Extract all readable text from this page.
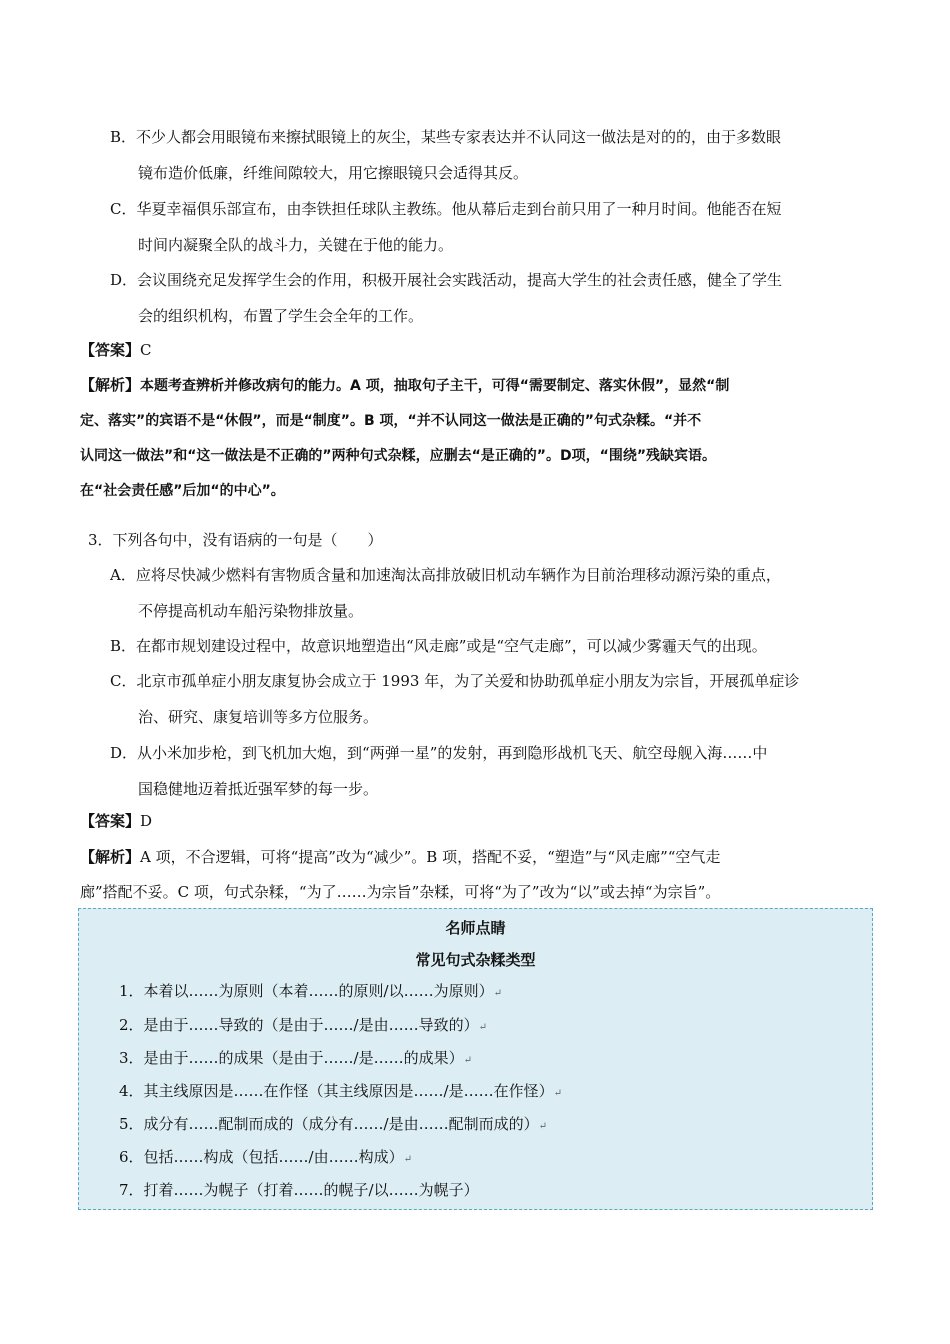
B．不少人都会用眼镜布来擦拭眼镜上的灰尘，某些专家表达并不认同这一做法是对的的，由于多数眼
镜布造价低廉，纤维间隙较大，用它擦眼镜只会适得其反。
C．华夏幸福俱乐部宣布，由李铁担任球队主教练。他从幕后走到台前只用了一种月时间。他能否在短
时间内凝聚全队的战斗力，关键在于他的能力。
D．会议围绕充足发挥学生会的作用，积极开展社会实践活动，提高大学生的社会责任感，健全了学生
会的组织机构，布置了学生会全年的工作。
【答案】C
【解析】本题考查辨析并修改病句的能力。A 项，抽取句子主干，可得“需要制定、落实休假”，显然“制
定、落实”的宾语不是“休假”，而是“制度”。B 项，“并不认同这一做法是正确的”句式杂糅。“并不
认同这一做法”和“这一做法是不正确的”两种句式杂糅，应删去“是正确的”。D项，“围绕”残缺宾语。
在“社会责任感”后加“的中心”。
3．下列各句中，没有语病的一句是（　　）
A．应将尽快减少燃料有害物质含量和加速淘汰高排放破旧机动车辆作为目前治理移动源污染的重点，
不停提高机动车船污染物排放量。
B．在都市规划建设过程中，故意识地塑造出“风走廊”或是“空气走廊”，可以减少雾霾天气的出现。
C．北京市孤单症小朋友康复协会成立于 1993 年，为了关爱和协助孤单症小朋友为宗旨，开展孤单症诊
治、研究、康复培训等多方位服务。
D．从小米加步枪，到飞机加大炮，到“两弹一星”的发射，再到隐形战机飞天、航空母舰入海……中
国稳健地迈着抵近强军梦的每一步。
【答案】D
【解析】A 项，不合逻辑，可将“提高”改为“减少”。B 项，搭配不妥，“塑造”与“风走廊”“空气走
廊”搭配不妥。C 项，句式杂糅，“为了……为宗旨”杂糅，可将“为了”改为“以”或去掉“为宗旨”。
名师点睛
常见句式杂糅类型
1．本着以……为原则（本着……的原则/以……为原则）↵
2．是由于……导致的（是由于……/是由……导致的）↵
3．是由于……的成果（是由于……/是……的成果）↵
4．其主线原因是……在作怪（其主线原因是……/是……在作怪）↵
5．成分有……配制而成的（成分有……/是由……配制而成的）↵
6．包括……构成（包括……/由……构成）↵
7．打着……为幌子（打着……的幌子/以……为幌子）
